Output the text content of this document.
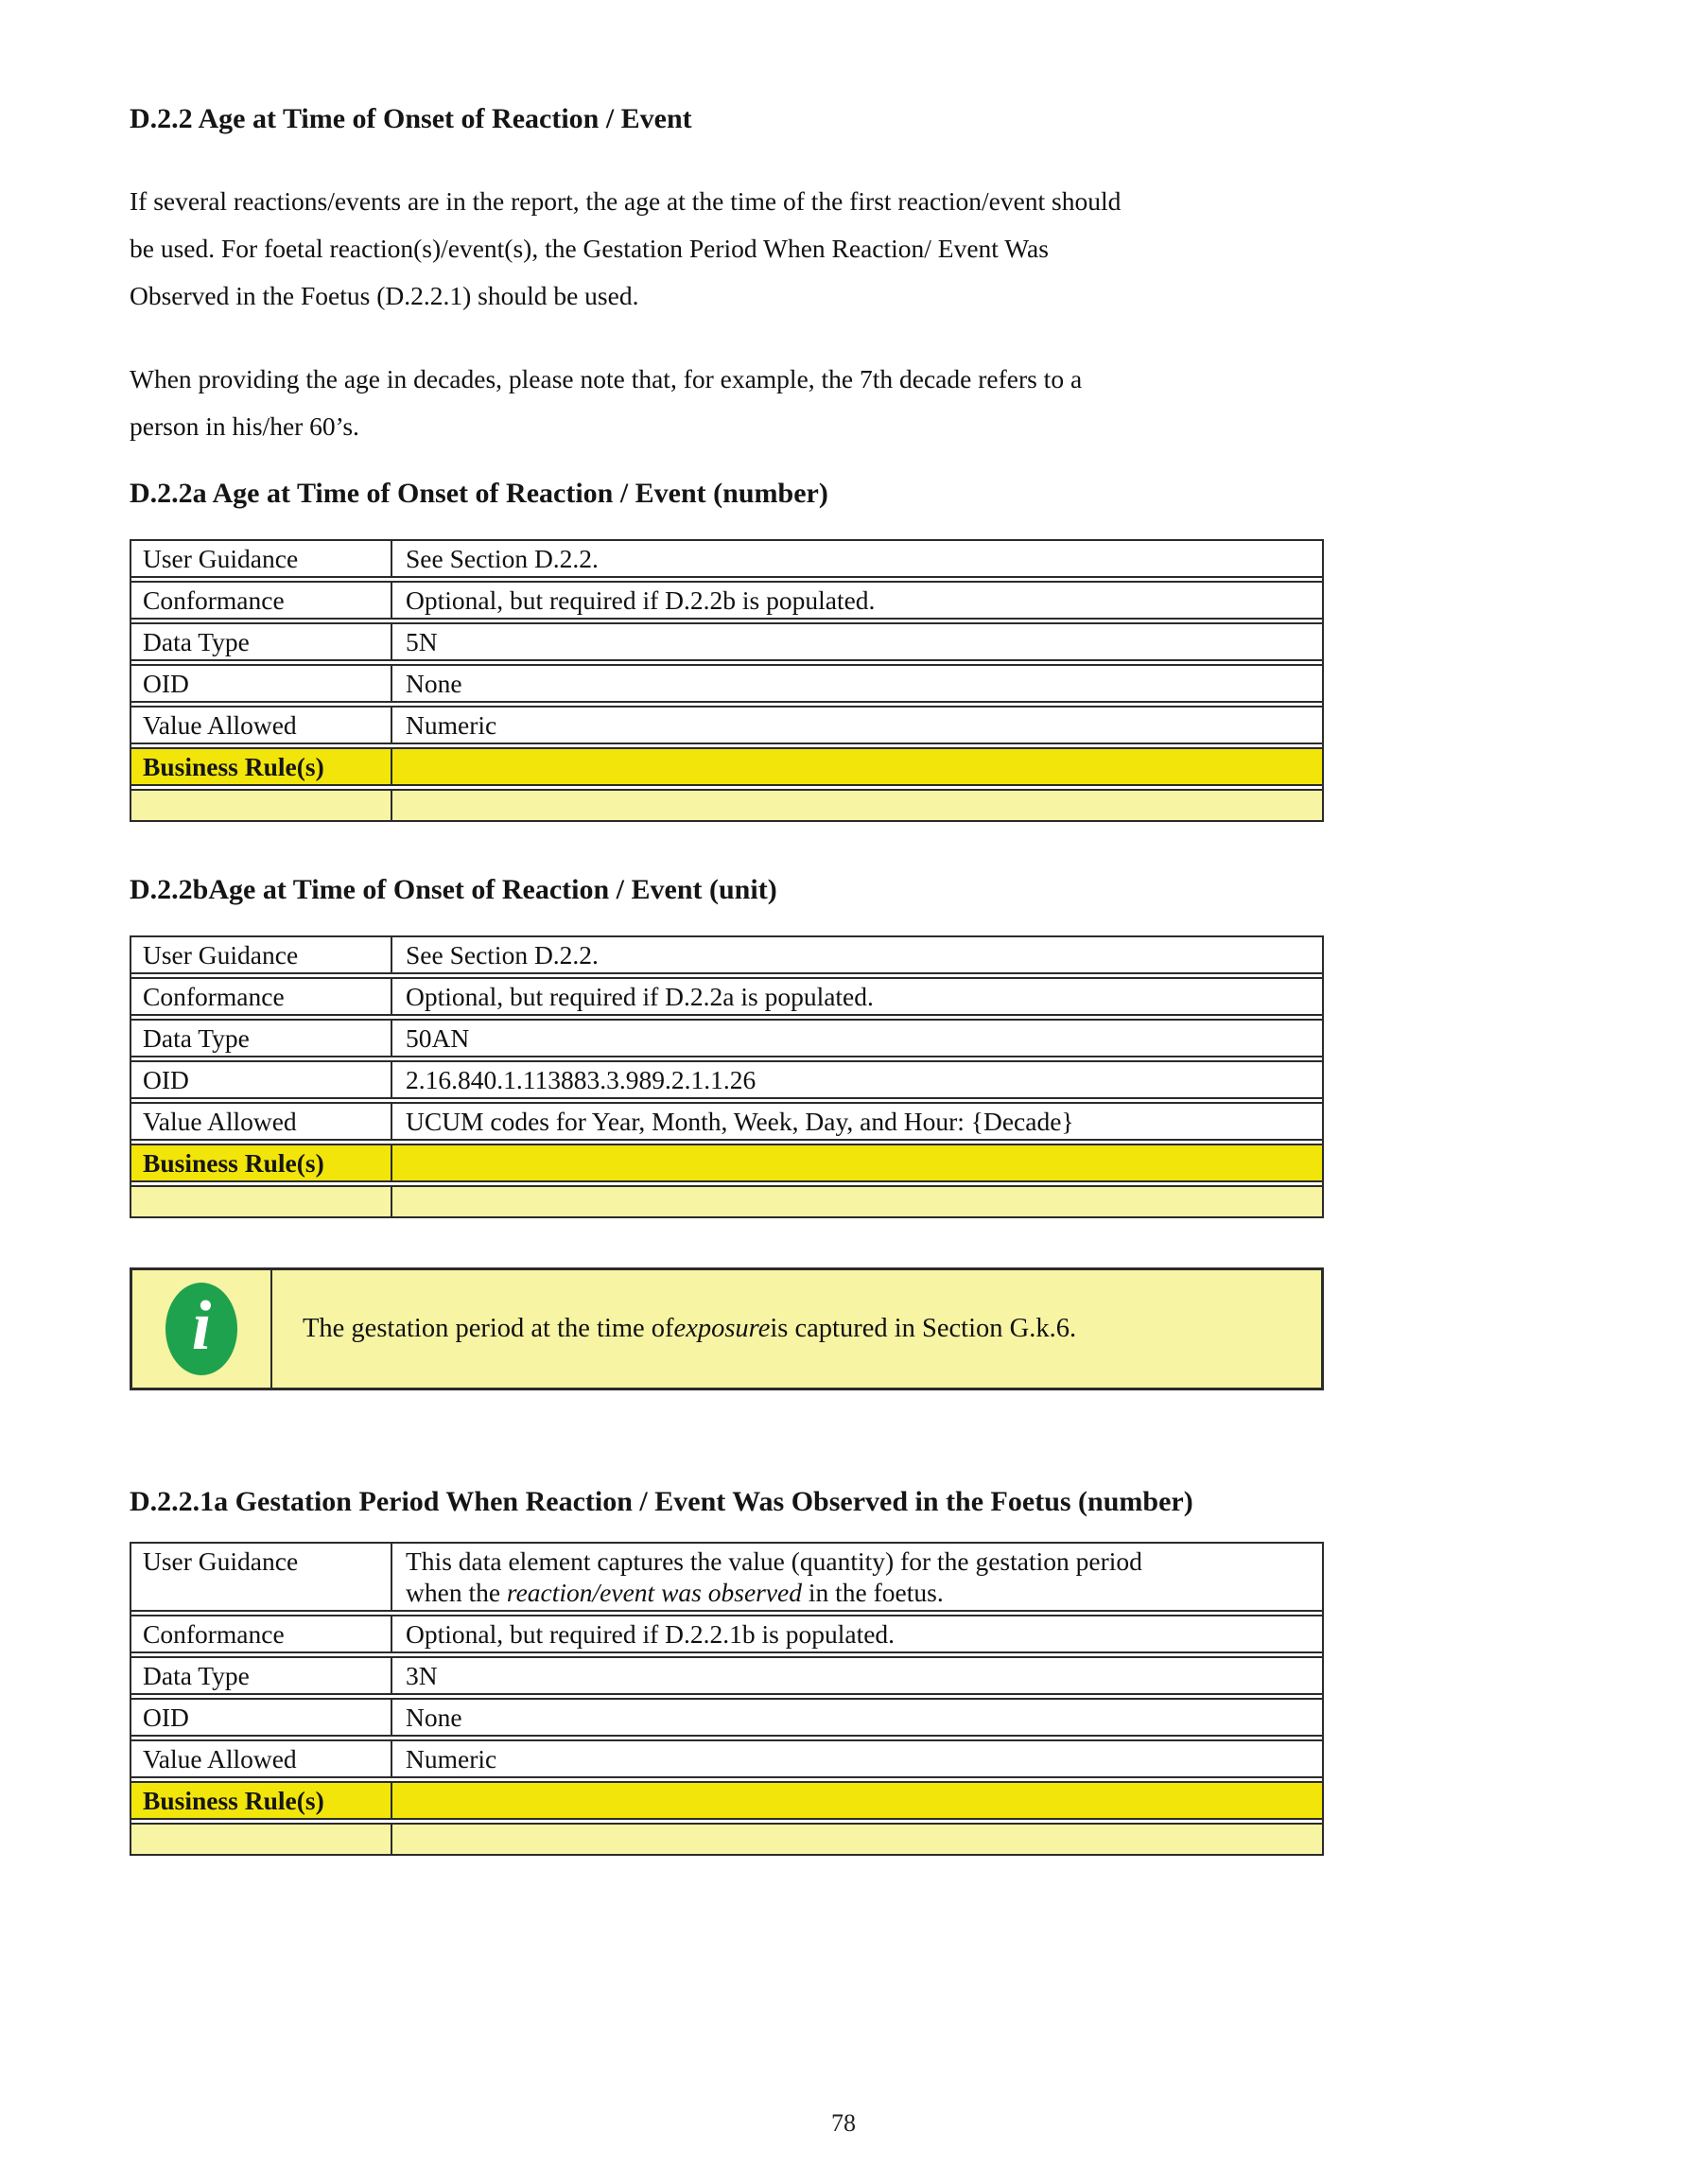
D.2.2 Age at Time of Onset of Reaction / Event
If several reactions/events are in the report, the age at the time of the first reaction/event should
be used. For foetal reaction(s)/event(s), the Gestation Period When Reaction/ Event Was
Observed in the Foetus (D.2.2.1) should be used.
When providing the age in decades, please note that, for example, the 7th decade refers to a
person in his/her 60’s.
D.2.2a Age at Time of Onset of Reaction / Event (number)
User Guidance	See Section D.2.2.
Conformance	Optional, but required if D.2.2b is populated.
Data Type	5N
OID	None
Value Allowed	Numeric
Business Rule(s)
D.2.2bAge at Time of Onset of Reaction / Event (unit)
User Guidance	See Section D.2.2.
Conformance	Optional, but required if D.2.2a is populated.
Data Type	50AN
OID	2.16.840.1.113883.3.989.2.1.1.26
Value Allowed	UCUM codes for Year, Month, Week, Day, and Hour: {Decade}
Business Rule(s)
i	The gestation period at the time of exposure is captured in Section G.k.6.
D.2.2.1a Gestation Period When Reaction / Event Was Observed in the Foetus (number)
User Guidance	This data element captures the value (quantity) for the gestation period
when the reaction/event was observed in the foetus.
Conformance	Optional, but required if D.2.2.1b is populated.
Data Type	3N
OID	None
Value Allowed	Numeric
Business Rule(s)
78
